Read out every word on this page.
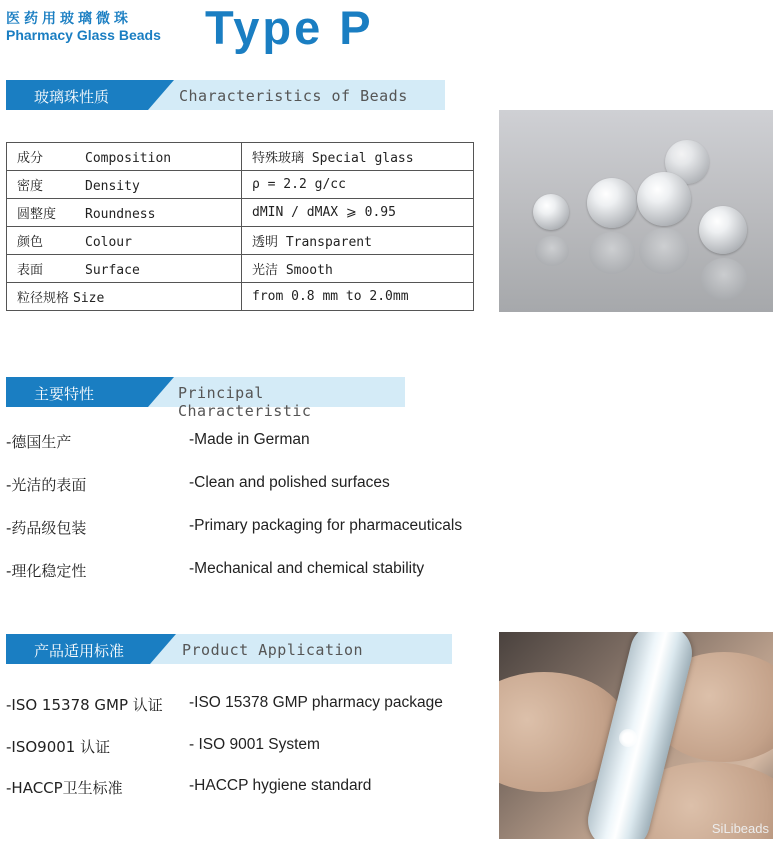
医药用玻璃微珠
Pharmacy Glass Beads Type P
玻璃珠性质	Characteristics of Beads
成分 Composition	特殊玻璃 Special glass
密度 Density	ρ = 2.2 g/cc
圆整度 Roundness	dMIN / dMAX ⩾ 0.95
颜色 Colour	透明 Transparent
表面 Surface	光洁 Smooth
粒径规格 Size	from 0.8 mm to 2.0mm
主要特性	Principal Characteristic
-德国生产	-Made in German
-光洁的表面	-Clean and polished surfaces
-药品级包装	-Primary packaging for pharmaceuticals
-理化稳定性	-Mechanical and chemical stability
产品适用标准	Product Application
-ISO 15378 GMP 认证	-ISO 15378 GMP pharmacy package
-ISO9001 认证	- ISO 9001 System
-HACCP卫生标准	-HACCP hygiene standard
SiLibeads
